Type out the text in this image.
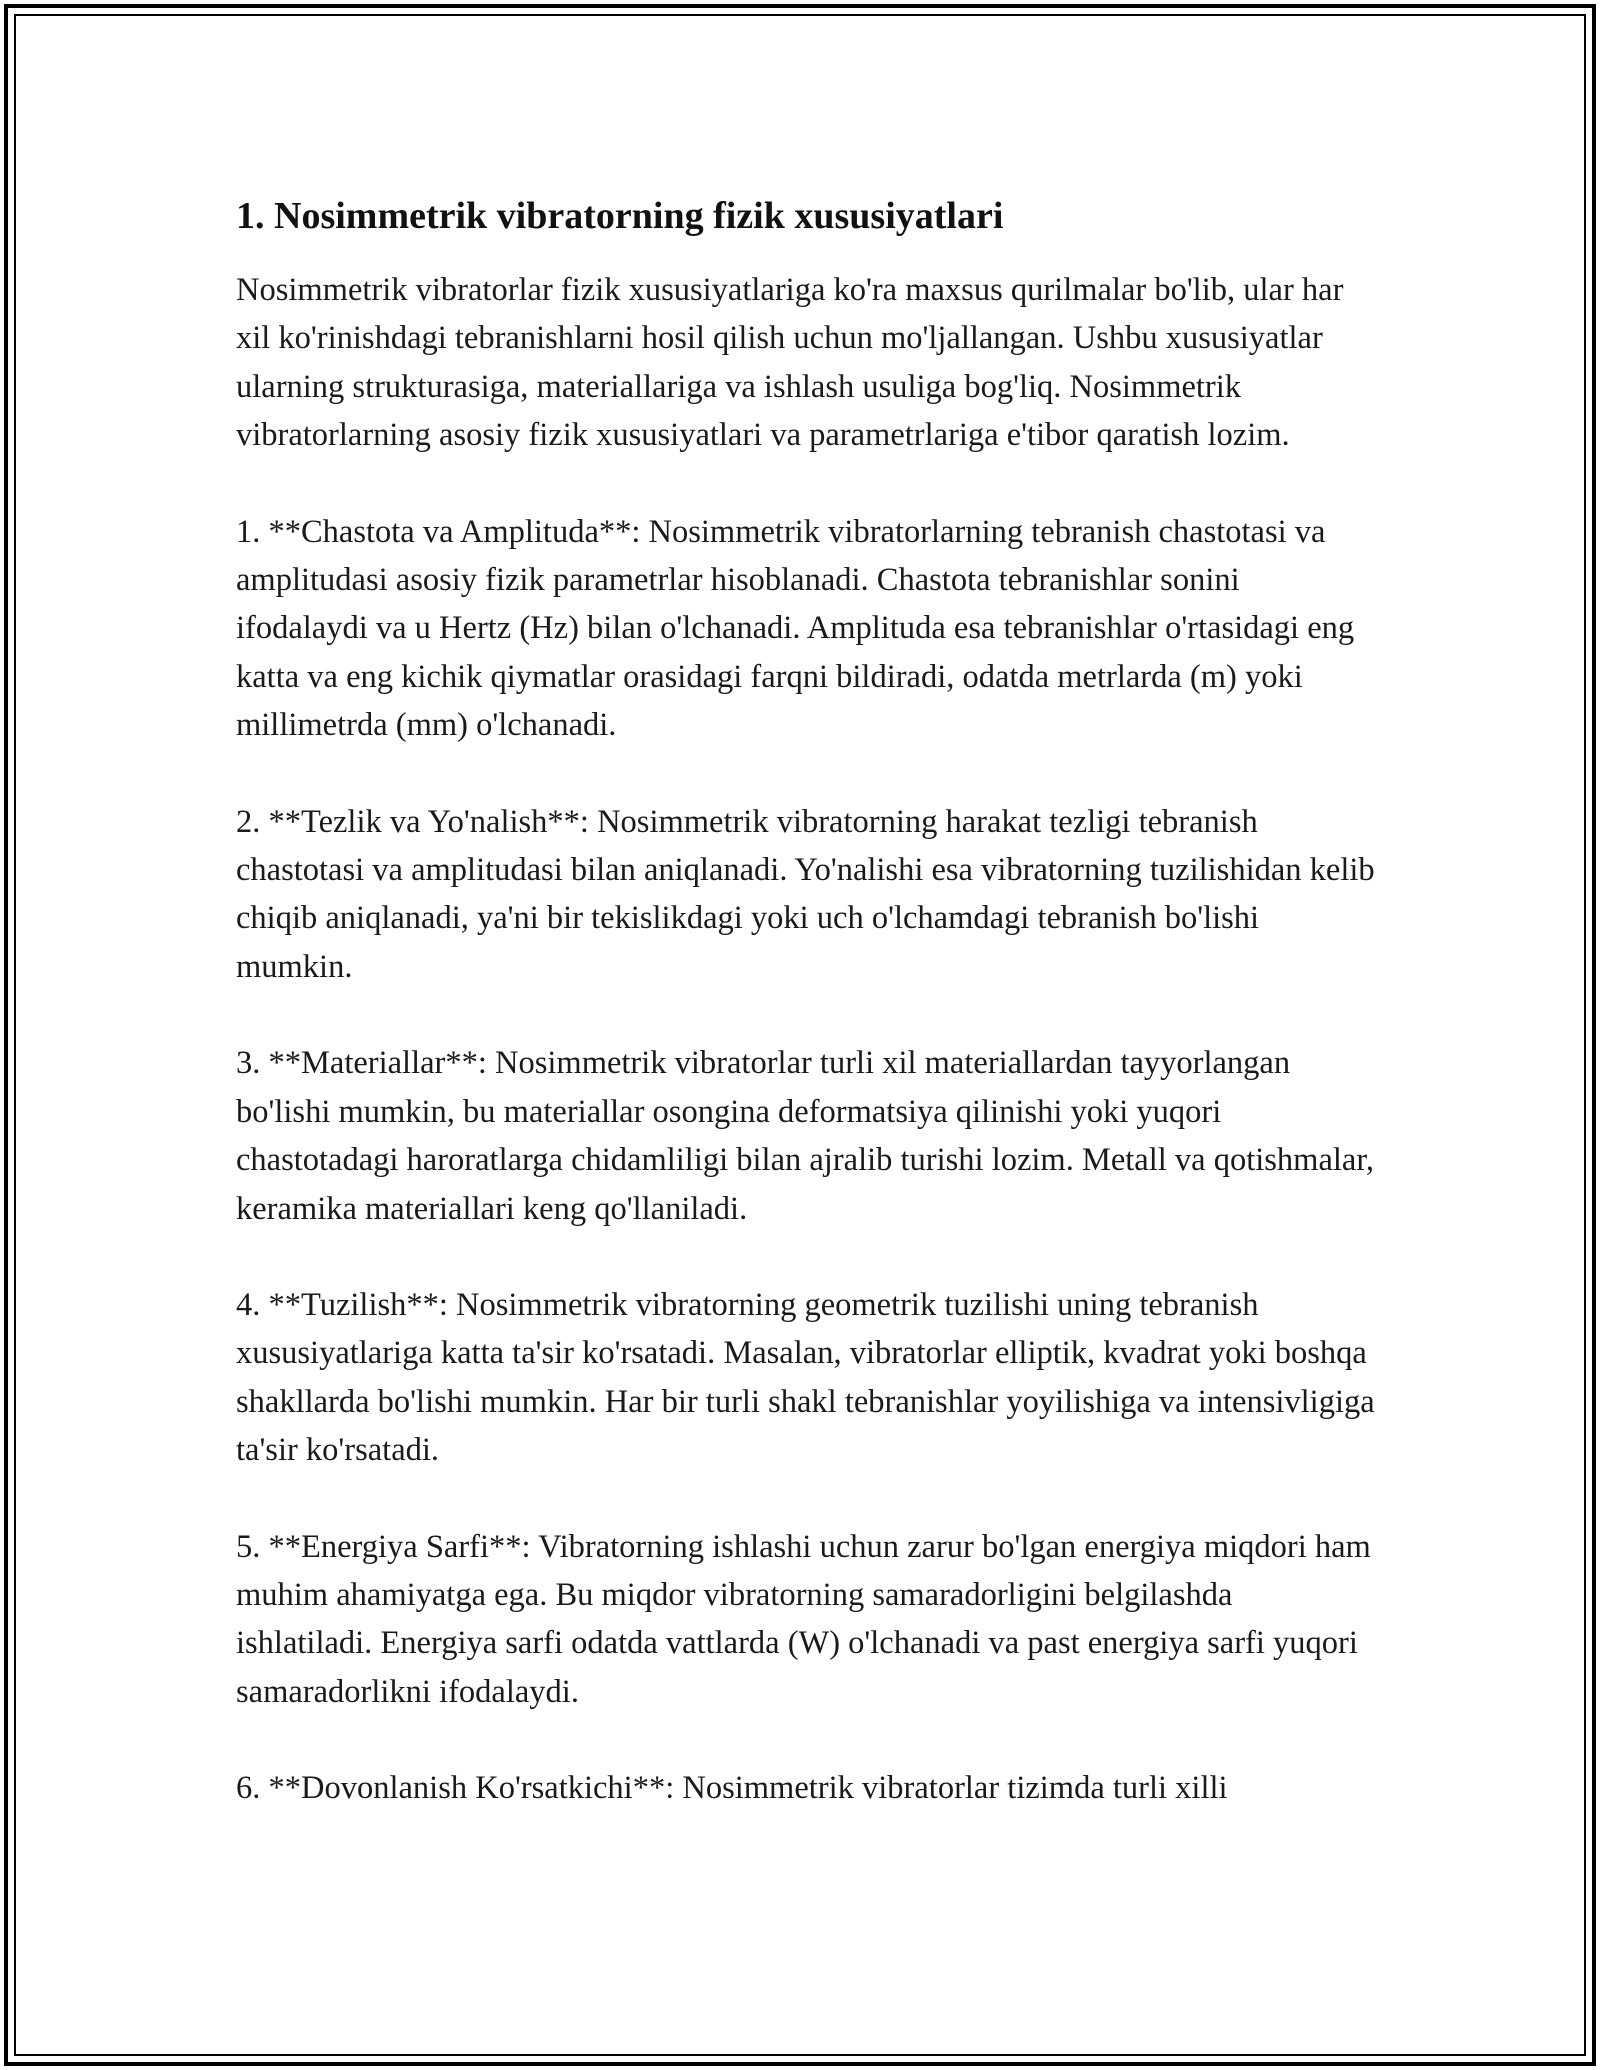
1. Nosimmetrik vibratorning fizik xususiyatlari

Nosimmetrik vibratorlar fizik xususiyatlariga ko'ra maxsus qurilmalar bo'lib, ular har xil ko'rinishdagi tebranishlarni hosil qilish uchun mo'ljallangan. Ushbu xususiyatlar ularning strukturasiga, materiallariga va ishlash usuliga bog'liq. Nosimmetrik vibratorlarning asosiy fizik xususiyatlari va parametrlariga e'tibor qaratish lozim.

1. **Chastota va Amplituda**: Nosimmetrik vibratorlarning tebranish chastotasi va amplitudasi asosiy fizik parametrlar hisoblanadi. Chastota tebranishlar sonini ifodalaydi va u Hertz (Hz) bilan o'lchanadi. Amplituda esa tebranishlar o'rtasidagi eng katta va eng kichik qiymatlar orasidagi farqni bildiradi, odatda metrlarda (m) yoki millimetrda (mm) o'lchanadi.

2. **Tezlik va Yo'nalish**: Nosimmetrik vibratorning harakat tezligi tebranish chastotasi va amplitudasi bilan aniqlanadi. Yo'nalishi esa vibratorning tuzilishidan kelib chiqib aniqlanadi, ya'ni bir tekislikdagi yoki uch o'lchamdagi tebranish bo'lishi mumkin.

3. **Materiallar**: Nosimmetrik vibratorlar turli xil materiallardan tayyorlangan bo'lishi mumkin, bu materiallar osongina deformatsiya qilinishi yoki yuqori chastotadagi haroratlarga chidamliligi bilan ajralib turishi lozim. Metall va qotishmalar, keramika materiallari keng qo'llaniladi.

4. **Tuzilish**: Nosimmetrik vibratorning geometrik tuzilishi uning tebranish xususiyatlariga katta ta'sir ko'rsatadi. Masalan, vibratorlar elliptik, kvadrat yoki boshqa shakllarda bo'lishi mumkin. Har bir turli shakl tebranishlar yoyilishiga va intensivligiga ta'sir ko'rsatadi.

5. **Energiya Sarfi**: Vibratorning ishlashi uchun zarur bo'lgan energiya miqdori ham muhim ahamiyatga ega. Bu miqdor vibratorning samaradorligini belgilashda ishlatiladi. Energiya sarfi odatda vattlarda (W) o'lchanadi va past energiya sarfi yuqori samaradorlikni ifodalaydi.

6. **Dovonlanish Ko'rsatkichi**: Nosimmetrik vibratorlar tizimda turli xilli
